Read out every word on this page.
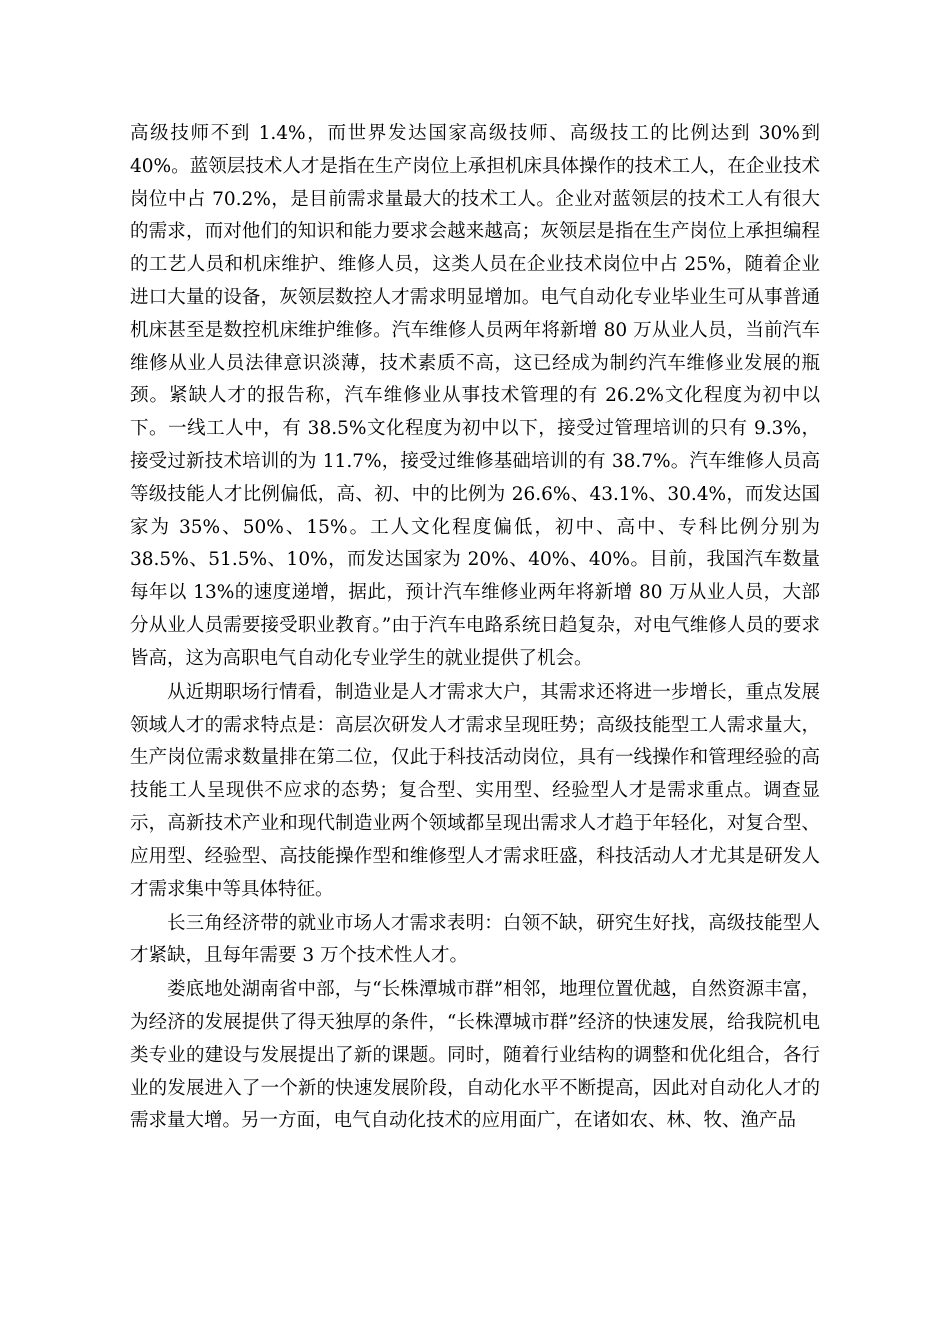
高级技师不到 1.4%，而世界发达国家高级技师、高级技工的比例达到 30%到 40%。蓝领层技术人才是指在生产岗位上承担机床具体操作的技术工人，在企业技术岗位中占 70.2%，是目前需求量最大的技术工人。企业对蓝领层的技术工人有很大的需求，而对他们的知识和能力要求会越来越高；灰领层是指在生产岗位上承担编程的工艺人员和机床维护、维修人员，这类人员在企业技术岗位中占 25%，随着企业进口大量的设备，灰领层数控人才需求明显增加。电气自动化专业毕业生可从事普通机床甚至是数控机床维护维修。汽车维修人员两年将新增 80 万从业人员，当前汽车维修从业人员法律意识淡薄，技术素质不高，这已经成为制约汽车维修业发展的瓶颈。紧缺人才的报告称，汽车维修业从事技术管理的有 26.2%文化程度为初中以下。一线工人中，有 38.5%文化程度为初中以下，接受过管理培训的只有 9.3%，接受过新技术培训的为 11.7%，接受过维修基础培训的有 38.7%。汽车维修人员高等级技能人才比例偏低，高、初、中的比例为 26.6%、43.1%、30.4%，而发达国家为 35%、50%、15%。工人文化程度偏低，初中、高中、专科比例分别为 38.5%、51.5%、10%，而发达国家为 20%、40%、40%。目前，我国汽车数量每年以 13%的速度递增，据此，预计汽车维修业两年将新增 80 万从业人员，大部分从业人员需要接受职业教育。”由于汽车电路系统日趋复杂，对电气维修人员的要求皆高，这为高职电气自动化专业学生的就业提供了机会。

从近期职场行情看，制造业是人才需求大户，其需求还将进一步增长，重点发展领域人才的需求特点是：高层次研发人才需求呈现旺势；高级技能型工人需求量大，生产岗位需求数量排在第二位，仅此于科技活动岗位，具有一线操作和管理经验的高技能工人呈现供不应求的态势；复合型、实用型、经验型人才是需求重点。调查显示，高新技术产业和现代制造业两个领域都呈现出需求人才趋于年轻化，对复合型、应用型、经验型、高技能操作型和维修型人才需求旺盛，科技活动人才尤其是研发人才需求集中等具体特征。

长三角经济带的就业市场人才需求表明：白领不缺，研究生好找，高级技能型人才紧缺，且每年需要 3 万个技术性人才。

娄底地处湖南省中部，与“长株潭城市群”相邻，地理位置优越，自然资源丰富，为经济的发展提供了得天独厚的条件，“长株潭城市群”经济的快速发展，给我院机电类专业的建设与发展提出了新的课题。同时，随着行业结构的调整和优化组合，各行业的发展进入了一个新的快速发展阶段，自动化水平不断提高，因此对自动化人才的需求量大增。另一方面，电气自动化技术的应用面广，在诸如农、林、牧、渔产品
